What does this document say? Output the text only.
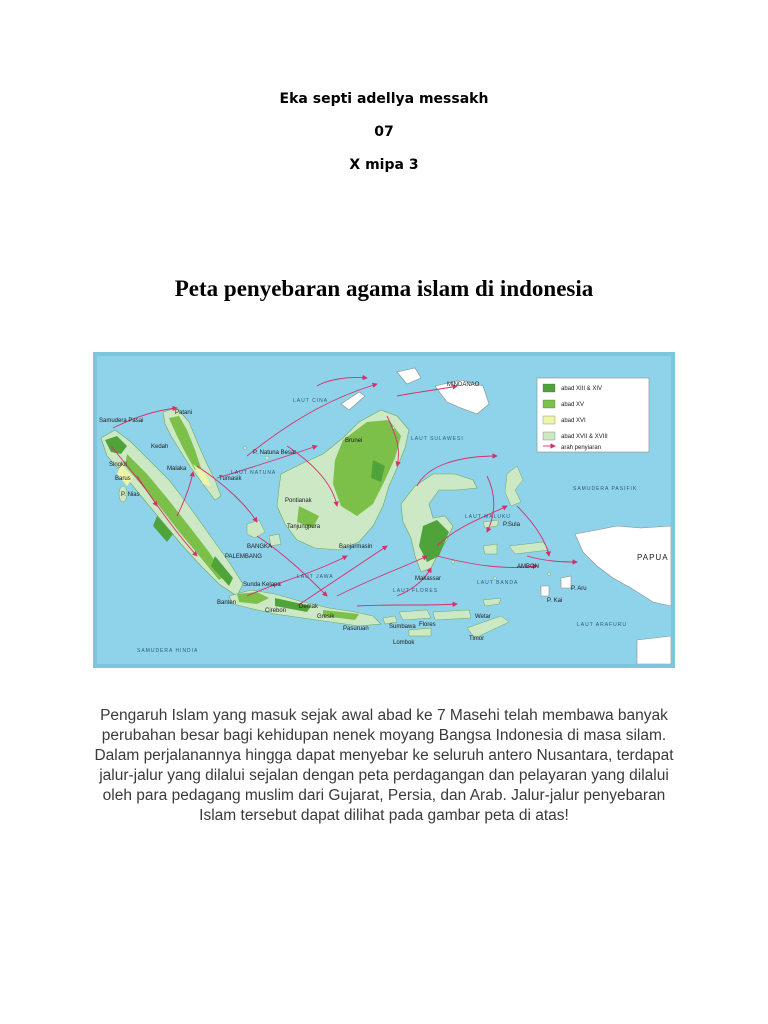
Eka septi adellya messakh
07
X mipa 3
Peta penyebaran agama islam di indonesia
abad XIII & XIV
abad XV
abad XVI
abad XVII & XVIII
arah penyiaran
Samudera Pasai
Patani
Kedah
Malaka
Singkil
Barus
P. Nias
Tumasik
P. Natuna Besar
LAUT NATUNA
Brunei
Pontianak
Tanjungpura
BANGKA
PALEMBANG
Banjarmasin
Sunda Kelapa
Banten
Cirebon
Demak
Gresik
Pasuruan	Sumbawa Flores
Lombok
Timor
Wetar
Makassar
AMBON
P.Sula
P. Aru
P. Kai
PAPUA
MINDANAO
LAUT SULAWESI
LAUT MALUKU
LAUT BANDA
LAUT ARAFURU
LAUT FLORES
SAMUDERA PASIFIK
SAMUDERA HINDIA
LAUT JAWA
LAUT CINA
Pengaruh Islam yang masuk sejak awal abad ke 7 Masehi telah membawa banyak perubahan besar bagi kehidupan nenek moyang Bangsa Indonesia di masa silam. Dalam perjalanannya hingga dapat menyebar ke seluruh antero Nusantara, terdapat jalur-jalur yang dilalui sejalan dengan peta perdagangan dan pelayaran yang dilalui oleh para pedagang muslim dari Gujarat, Persia, dan Arab. Jalur-jalur penyebaran Islam tersebut dapat dilihat pada gambar peta di atas!
